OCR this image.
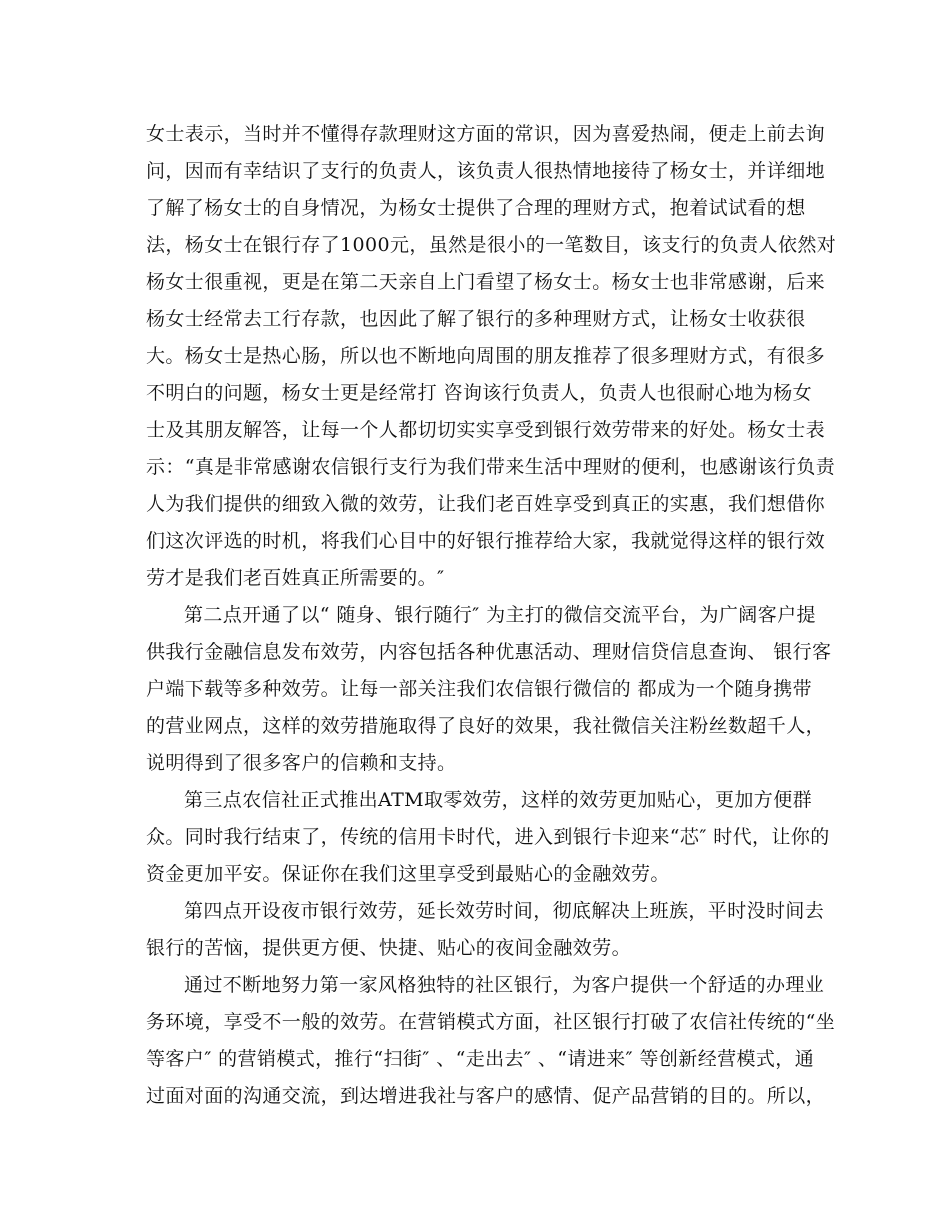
女士表示，当时并不懂得存款理财这方面的常识，因为喜爱热闹，便走上前去询
问，因而有幸结识了支行的负责人，该负责人很热情地接待了杨女士，并详细地
了解了杨女士的自身情况，为杨女士提供了合理的理财方式，抱着试试看的想
法，杨女士在银行存了1000元，虽然是很小的一笔数目，该支行的负责人依然对
杨女士很重视，更是在第二天亲自上门看望了杨女士。杨女士也非常感谢，后来
杨女士经常去工行存款，也因此了解了银行的多种理财方式，让杨女士收获很
大。杨女士是热心肠，所以也不断地向周围的朋友推荐了很多理财方式，有很多
不明白的问题，杨女士更是经常打 咨询该行负责人，负责人也很耐心地为杨女
士及其朋友解答，让每一个人都切切实实享受到银行效劳带来的好处。杨女士表
示：“真是非常感谢农信银行支行为我们带来生活中理财的便利，也感谢该行负责
人为我们提供的细致入微的效劳，让我们老百姓享受到真正的实惠，我们想借你
们这次评选的时机，将我们心目中的好银行推荐给大家，我就觉得这样的银行效
劳才是我们老百姓真正所需要的。″
第二点开通了以“ 随身、银行随行″ 为主打的微信交流平台，为广阔客户提
供我行金融信息发布效劳，内容包括各种优惠活动、理财信贷信息查询、 银行客
户端下载等多种效劳。让每一部关注我们农信银行微信的 都成为一个随身携带
的营业网点，这样的效劳措施取得了良好的效果，我社微信关注粉丝数超千人，
说明得到了很多客户的信赖和支持。
第三点农信社正式推出ATM取零效劳，这样的效劳更加贴心，更加方便群
众。同时我行结束了，传统的信用卡时代，进入到银行卡迎来“芯″ 时代，让你的
资金更加平安。保证你在我们这里享受到最贴心的金融效劳。
第四点开设夜市银行效劳，延长效劳时间，彻底解决上班族，平时没时间去
银行的苦恼，提供更方便、快捷、贴心的夜间金融效劳。
通过不断地努力第一家风格独特的社区银行，为客户提供一个舒适的办理业
务环境，享受不一般的效劳。在营销模式方面，社区银行打破了农信社传统的“坐
等客户″ 的营销模式，推行“扫街″ 、“走出去″ 、“请进来″ 等创新经营模式，通
过面对面的沟通交流，到达增进我社与客户的感情、促产品营销的目的。所以，
